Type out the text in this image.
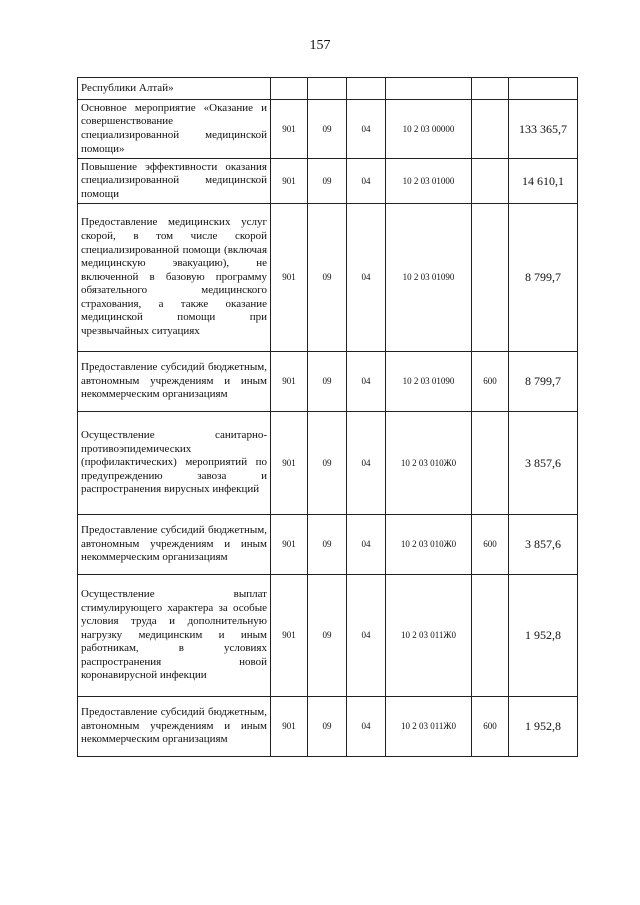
157
Республики Алтай»						

Основное мероприятие «Оказание и совершенствование специализированной медицинской помощи»	901	09	04	10 2 03 00000		133 365,7

Повышение эффективности оказания специализированной медицинской помощи	901	09	04	10 2 03 01000		14 610,1

Предоставление медицинских услуг скорой, в том числе скорой специализированной помощи (включая медицинскую эвакуацию), не включенной в базовую программу обязательного медицинского страхования, а также оказание медицинской помощи при чрезвычайных ситуациях	901	09	04	10 2 03 01090		8 799,7

Предоставление субсидий бюджетным, автономным учреждениям и иным некоммерческим организациям	901	09	04	10 2 03 01090	600	8 799,7

Осуществление санитарно-противоэпидемических (профилактических) мероприятий по предупреждению завоза и распространения вирусных инфекций	901	09	04	10 2 03 010Ж0		3 857,6

Предоставление субсидий бюджетным, автономным учреждениям и иным некоммерческим организациям	901	09	04	10 2 03 010Ж0	600	3 857,6

Осуществление выплат стимулирующего характера за особые условия труда и дополнительную нагрузку медицинским и иным работникам, в условиях распространения новой коронавирусной инфекции	901	09	04	10 2 03 011Ж0		1 952,8

Предоставление субсидий бюджетным, автономным учреждениям и иным некоммерческим организациям	901	09	04	10 2 03 011Ж0	600	1 952,8
